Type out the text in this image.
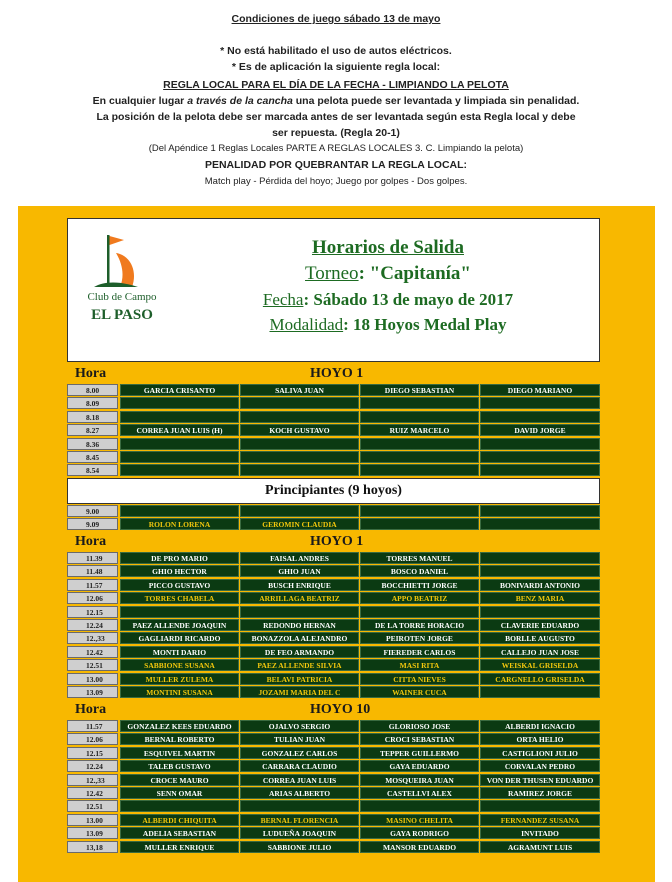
Condiciones de juego sábado 13 de mayo
* No está habilitado el uso de autos eléctricos.
* Es de aplicación la siguiente regla local:
REGLA LOCAL PARA EL DÍA DE LA FECHA - LIMPIANDO LA PELOTA
En cualquier lugar a través de la cancha una pelota puede ser levantada y limpiada sin penalidad.
La posición de la pelota debe ser marcada antes de ser levantada según esta Regla local y debe
ser repuesta. (Regla 20-1)
(Del Apéndice 1 Reglas Locales PARTE A REGLAS LOCALES 3. C. Limpiando la pelota)
PENALIDAD POR QUEBRANTAR LA REGLA LOCAL:
Match play - Pérdida del hoyo; Juego por golpes - Dos golpes.
Club de Campo
EL PASO
Horarios de Salida
Torneo: "Capitanía"
Fecha: Sábado 13 de mayo de 2017
Modalidad: 18 Hoyos Medal Play
Hora	HOYO 1
8.00	GARCIA CRISANTO	SALIVA JUAN	DIEGO SEBASTIAN	DIEGO MARIANO
8.09
8.18
8.27	CORREA JUAN LUIS (H)	KOCH GUSTAVO	RUIZ MARCELO	DAVID JORGE
8.36
8.45
8.54
Principiantes (9 hoyos)
9.00
9.09	ROLON LORENA	GEROMIN CLAUDIA
Hora	HOYO 1
11.39	DE PRO MARIO	FAISAL ANDRES	TORRES MANUEL
11.48	GHIO HECTOR	GHIO JUAN	BOSCO DANIEL
11.57	PICCO GUSTAVO	BUSCH ENRIQUE	BOCCHIETTI JORGE	BONIVARDI ANTONIO
12.06	TORRES CHABELA	ARRILLAGA BEATRIZ	APPO BEATRIZ	BENZ MARIA
12.15
12.24	PAEZ ALLENDE JOAQUIN	REDONDO HERNAN	DE LA TORRE HORACIO	CLAVERIE EDUARDO
12.,33	GAGLIARDI RICARDO	BONAZZOLA ALEJANDRO	PEIROTEN JORGE	BORLLE AUGUSTO
12.42	MONTI DARIO	DE FEO ARMANDO	FIEREDER CARLOS	CALLEJO JUAN JOSE
12.51	SABBIONE SUSANA	PAEZ ALLENDE SILVIA	MASI RITA	WEISKAL GRISELDA
13.00	MULLER ZULEMA	BELAVI PATRICIA	CITTA NIEVES	CARGNELLO GRISELDA
13.09	MONTINI SUSANA	JOZAMI MARIA DEL C	WAINER CUCA
Hora	HOYO 10
11.57	GONZALEZ KEES EDUARDO	OJALVO SERGIO	GLORIOSO JOSE	ALBERDI IGNACIO
12.06	BERNAL ROBERTO	TULIAN JUAN	CROCI SEBASTIAN	ORTA HELIO
12.15	ESQUIVEL MARTIN	GONZALEZ CARLOS	TEPPER GUILLERMO	CASTIGLIONI JULIO
12.24	TALEB GUSTAVO	CARRARA CLAUDIO	GAYA EDUARDO	CORVALAN PEDRO
12.,33	CROCE MAURO	CORREA JUAN LUIS	MOSQUEIRA JUAN	VON DER THUSEN EDUARDO
12.42	SENN OMAR	ARIAS ALBERTO	CASTELLVI ALEX	RAMIREZ JORGE
12.51
13.00	ALBERDI CHIQUITA	BERNAL FLORENCIA	MASINO CHELITA	FERNANDEZ SUSANA
13.09	ADELIA SEBASTIAN	LUDUEÑA JOAQUIN	GAYA RODRIGO	INVITADO
13,18	MULLER ENRIQUE	SABBIONE JULIO	MANSOR EDUARDO	AGRAMUNT LUIS
